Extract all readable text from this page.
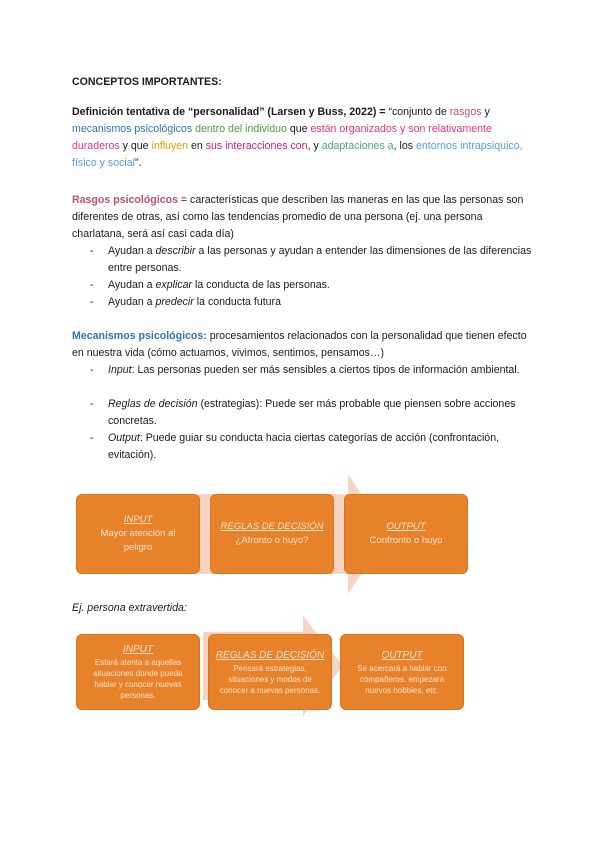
CONCEPTOS IMPORTANTES:

Definición tentativa de “personalidad” (Larsen y Buss, 2022) = “conjunto de rasgos y mecanismos psicológicos dentro del individuo que están organizados y son relativamente duraderos y que influyen en sus interacciones con, y adaptaciones a, los entornos intrapsiquico, físico y social”.

Rasgos psicológicos = características que describen las maneras en las que las personas son diferentes de otras, así como las tendencias promedio de una persona (ej. una persona charlatana, será así casi cada día)

- Ayudan a describir a las personas y ayudan a entender las dimensiones de las diferencias entre personas.

- Ayudan a explicar la conducta de las personas.

- Ayudan a predecir la conducta futura

Mecanismos psicológicos: procesamientos relacionados con la personalidad que tienen efecto en nuestra vida (cómo actuamos, vivimos, sentimos, pensamos…)

- Input: Las personas pueden ser más sensibles a ciertos tipos de información ambiental.

- Reglas de decisión (estrategias): Puede ser más probable que piensen sobre acciones concretas.

- Output: Puede guiar su conducta hacia ciertas categorías de acción (confrontación, evitación).

INPUT
Mayor atención al peligro
REGLAS DE DECISIÓN
¿Afronto o huyo?
OUTPUT
Confronto o huyo

Ej. persona extravertida:

INPUT
Estará atenta a aquellas situaciones donde pueda hablar y conocer nuevas personas.
REGLAS DE DECISIÓN
Pensará estrategias, situaciones y modos de conocer a nuevas personas.
OUTPUT
Se acercará a hablar con compañeros, empezará nuevos hobbies, etc.
